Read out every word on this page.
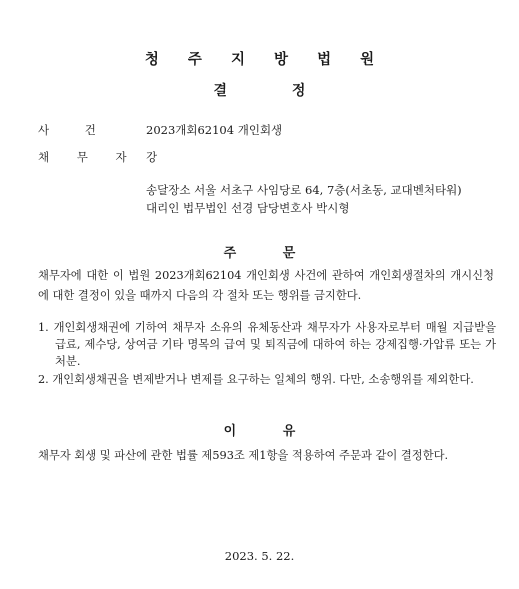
청 주 지 방 법 원
결 정
사 건	2023개회62104 개인회생
채 무 자 강
송달장소 서울 서초구 사임당로 64, 7층(서초동, 교대벤처타워)
대리인 법무법인 선경 담당변호사 박시형
주 문
채무자에 대한 이 법원 2023개회62104 개인회생 사건에 관하여 개인회생절차의 개시신청에 대한 결정이 있을 때까지 다음의 각 절차 또는 행위를 금지한다.
1. 개인회생채권에 기하여 채무자 소유의 유체동산과 채무자가 사용자로부터 매월 지급받을 급료, 제수당, 상여금 기타 명목의 급여 및 퇴직금에 대하여 하는 강제집행·가압류 또는 가처분.
2. 개인회생채권을 변제받거나 변제를 요구하는 일체의 행위. 다만, 소송행위를 제외한다.
이 유
채무자 회생 및 파산에 관한 법률 제593조 제1항을 적용하여 주문과 같이 결정한다.
2023. 5. 22.
